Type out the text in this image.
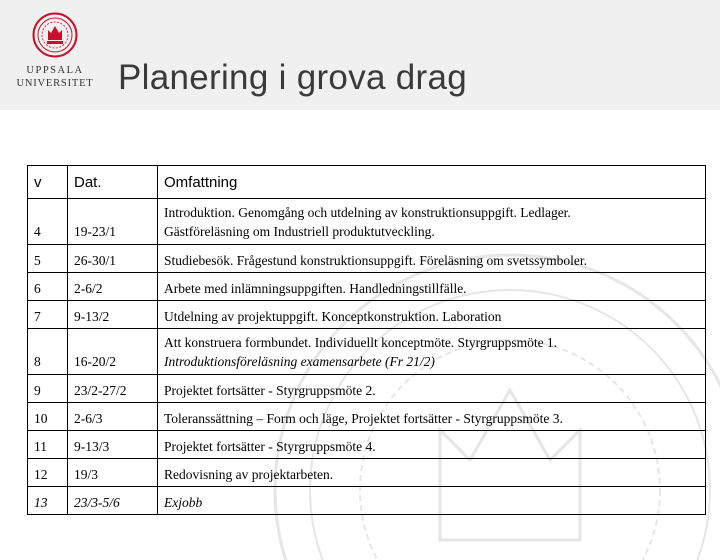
UPPSALA
UNIVERSITET Planering i grova drag
v	Dat.	Omfattning
4	19-23/1	Introduktion. Genomgång och utdelning av konstruktionsuppgift. Ledlager.
Gästföreläsning om Industriell produktutveckling.

5	26-30/1	Studiebesök. Frågestund konstruktionsuppgift. Föreläsning om svetssymboler.
6	2-6/2	Arbete med inlämningsuppgiften. Handledningstillfälle.
7	9-13/2	Utdelning av projektuppgift. Konceptkonstruktion. Laboration
8	16-20/2	Att konstruera formbundet. Individuellt konceptmöte. Styrgruppsmöte 1.
Introduktionsföreläsning examensarbete (Fr 21/2)

9	23/2-27/2	Projektet fortsätter - Styrgruppsmöte 2.
10	2-6/3	Toleranssättning – Form och läge, Projektet fortsätter - Styrgruppsmöte 3.
11	9-13/3	Projektet fortsätter - Styrgruppsmöte 4.
12	19/3	Redovisning av projektarbeten.
13	23/3-5/6	Exjobb
